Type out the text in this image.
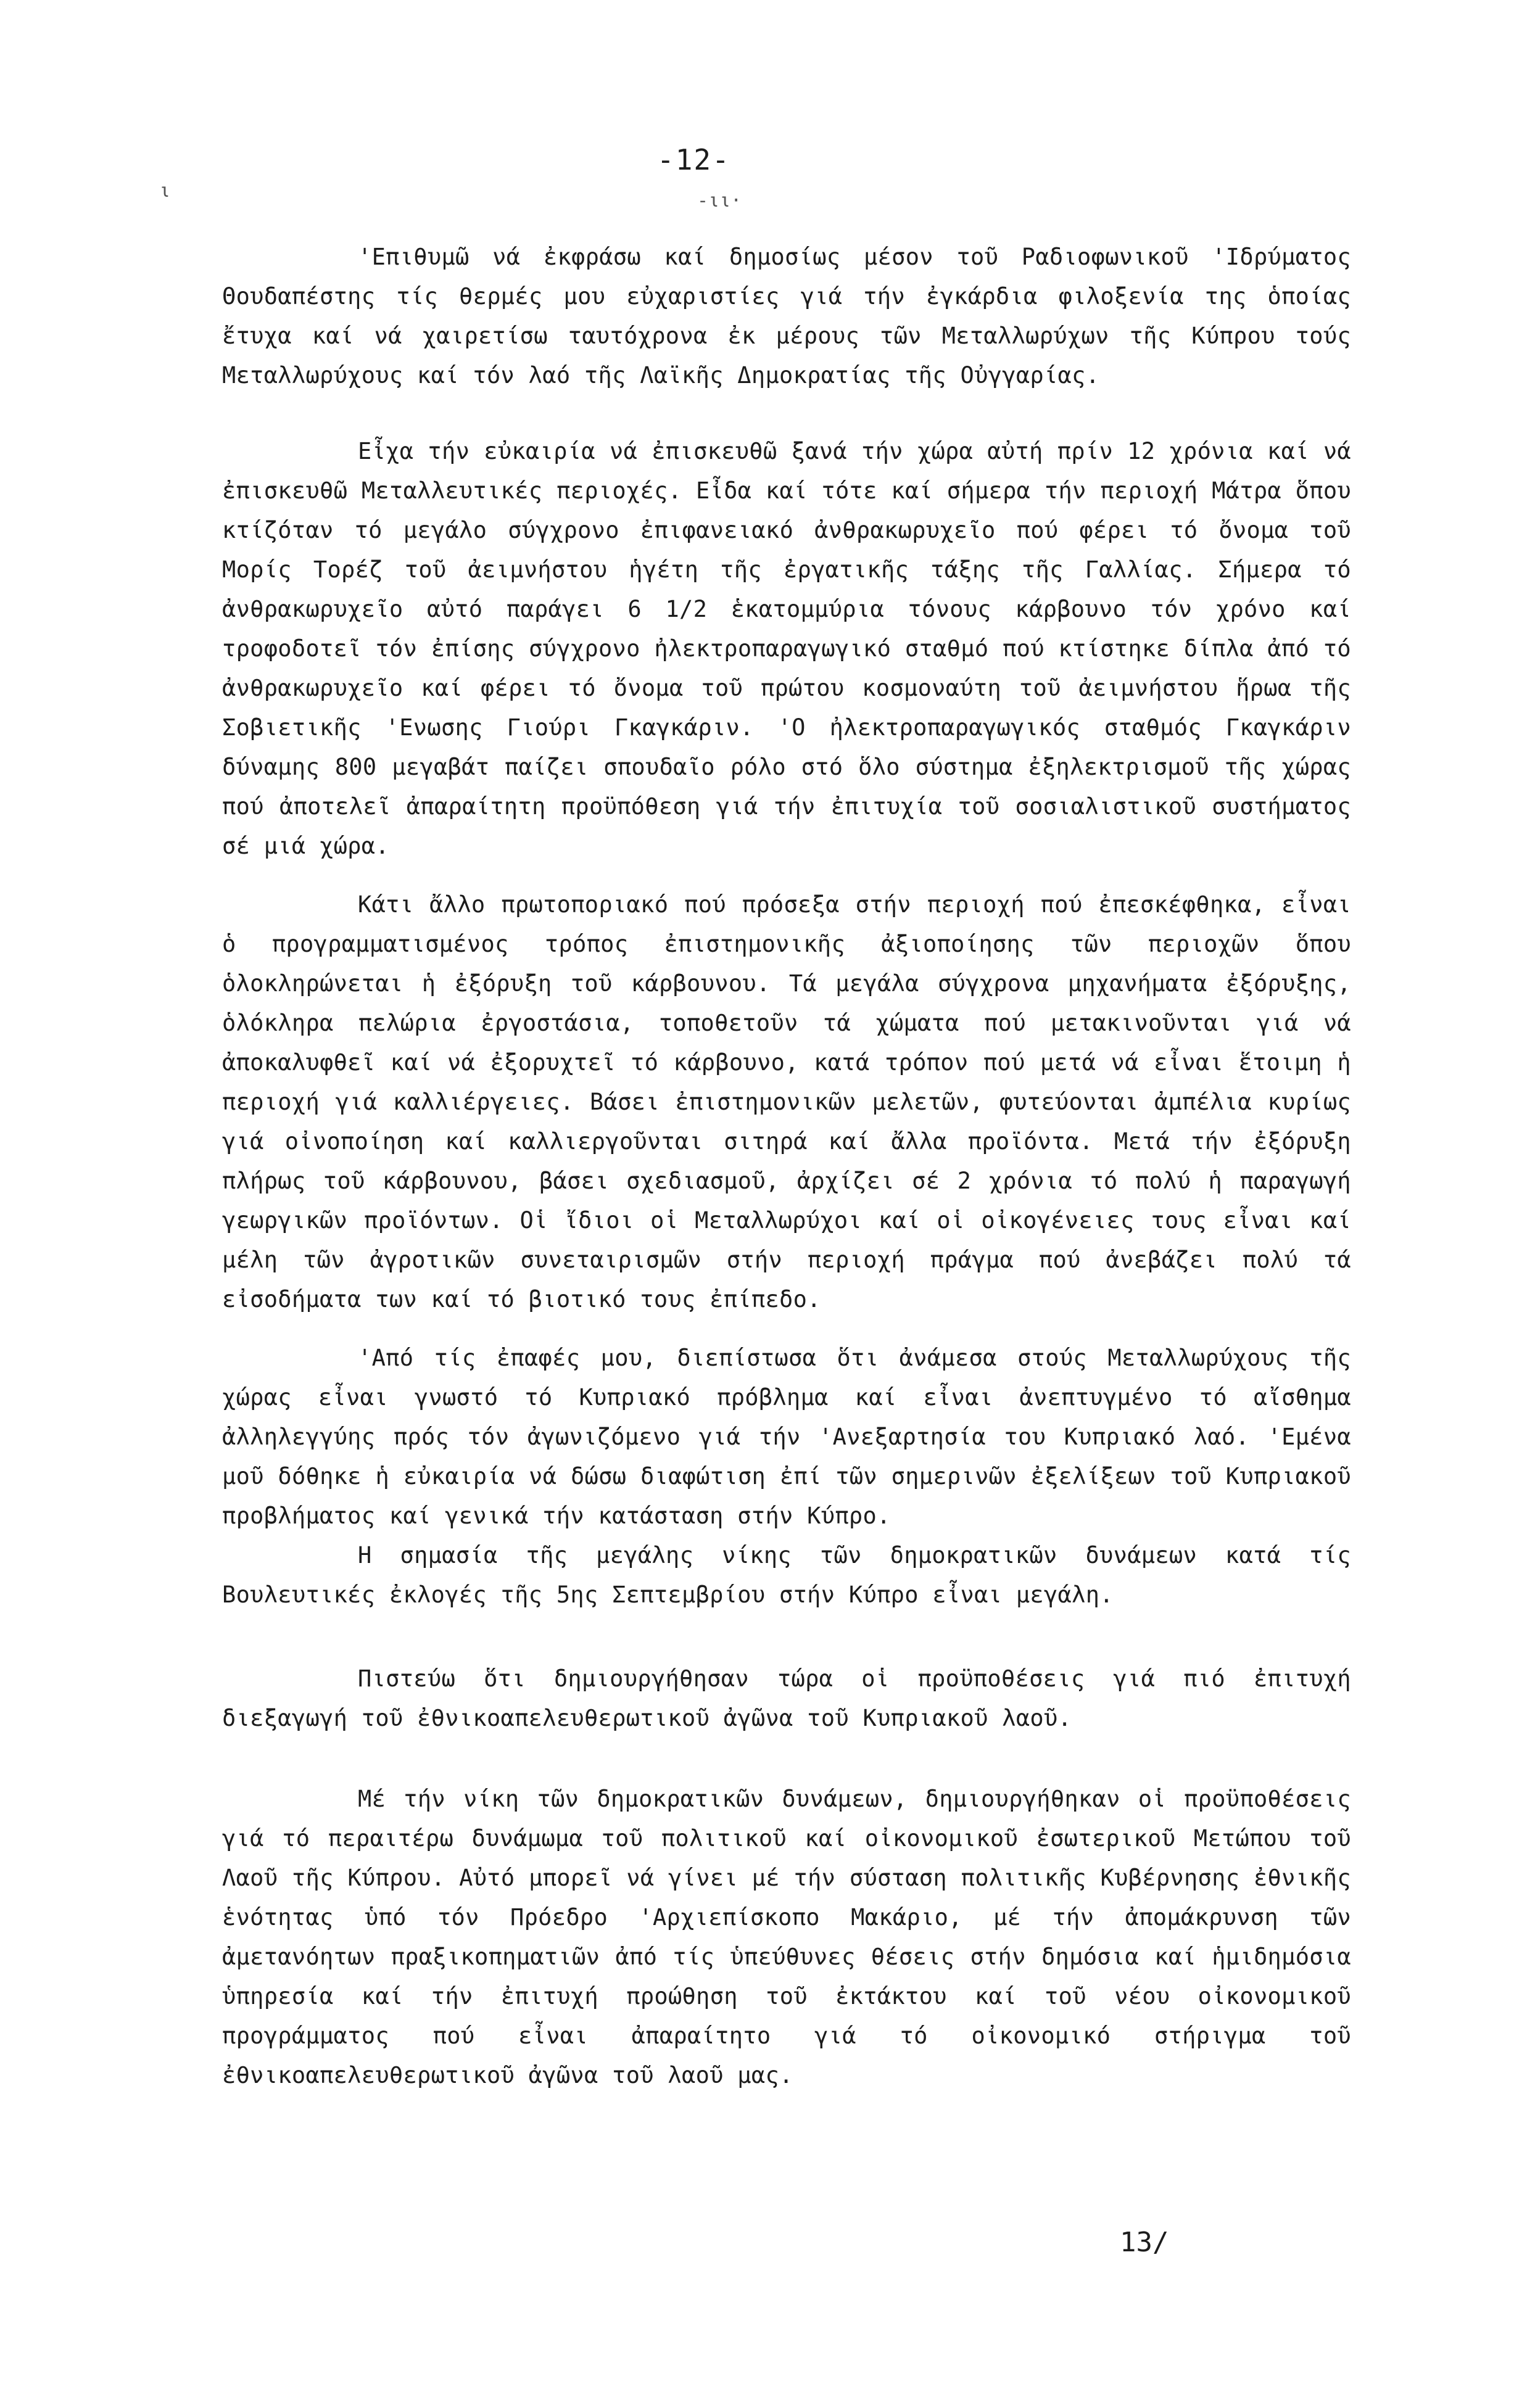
-12-
ι	-ιι·
'Επιθυμῶ νά ἐκφράσω καί δημοσίως μέσον τοῦ Ραδιοφωνικοῦ 'Ιδρύματος Θουδαπέστης τίς θερμές μου εὐχαριστίες γιά τήν ἐγκάρδια φιλοξενία της ὁποίας ἔτυχα καί νά χαιρετίσω ταυτόχρονα ἐκ μέρους τῶν Μεταλλωρύχων τῆς Κύπρου τούς Μεταλλωρύχους καί τόν λαό τῆς Λαϊκῆς Δημοκρατίας τῆς Οὐγγαρίας.
Εἶχα τήν εὐκαιρία νά ἐπισκευθῶ ξανά τήν χώρα αὐτή πρίν 12 χρόνια καί νά ἐπισκευθῶ Μεταλλευτικές περιοχές. Εἶδα καί τότε καί σήμερα τήν περιοχή Μάτρα ὅπου κτίζόταν τό μεγάλο σύγχρονο ἐπιφανειακό ἀνθρακωρυχεῖο πού φέρει τό ὄνομα τοῦ Μορίς Τορέζ τοῦ ἀειμνήστου ἡγέτη τῆς ἐργατικῆς τάξης τῆς Γαλλίας. Σήμερα τό ἀνθρακωρυχεῖο αὐτό παράγει 6 1/2 ἑκατομμύρια τόνους κάρβουνο τόν χρόνο καί τροφοδοτεῖ τόν ἐπίσης σύγχρονο ἠλεκτροπαραγωγικό σταθμό πού κτίστηκε δίπλα ἀπό τό ἀνθρακωρυχεῖο καί φέρει τό ὄνομα τοῦ πρώτου κοσμοναύτη τοῦ ἀειμνήστου ἥρωα τῆς Σοβιετικῆς 'Ενωσης Γιούρι Γκαγκάριν. 'Ο ἠλεκτροπαραγωγικός σταθμός Γκαγκάριν δύναμης 800 μεγαβάτ παίζει σπουδαῖο ρόλο στό ὅλο σύστημα ἐξηλεκτρισμοῦ τῆς χώρας πού ἀποτελεῖ ἀπαραίτητη προϋπόθεση γιά τήν ἐπιτυχία τοῦ σοσιαλιστικοῦ συστήματος σέ μιά χώρα.
Κάτι ἄλλο πρωτοποριακό πού πρόσεξα στήν περιοχή πού ἐπεσκέφθηκα, εἶναι ὁ προγραμματισμένος τρόπος ἐπιστημονικῆς ἀξιοποίησης τῶν περιοχῶν ὅπου ὁλοκληρώνεται ἡ ἐξόρυξη τοῦ κάρβουνου. Τά μεγάλα σύγχρονα μηχανήματα ἐξόρυξης, ὁλόκληρα πελώρια ἐργοστάσια, τοποθετοῦν τά χώματα πού μετακινοῦνται γιά νά ἀποκαλυφθεῖ καί νά ἐξορυχτεῖ τό κάρβουνο, κατά τρόπον πού μετά νά εἶναι ἕτοιμη ἡ περιοχή γιά καλλιέργειες. Βάσει ἐπιστημονικῶν μελετῶν, φυτεύονται ἀμπέλια κυρίως γιά οἰνοποίηση καί καλλιεργοῦνται σιτηρά καί ἄλλα προϊόντα. Μετά τήν ἐξόρυξη πλήρως τοῦ κάρβουνου, βάσει σχεδιασμοῦ, ἀρχίζει σέ 2 χρόνια τό πολύ ἡ παραγωγή γεωργικῶν προϊόντων. Οἱ ἴδιοι οἱ Μεταλλωρύχοι καί οἱ οἰκογένειες τους εἶναι καί μέλη τῶν ἀγροτικῶν συνεταιρισμῶν στήν περιοχή πράγμα πού ἀνεβάζει πολύ τά εἰσοδήματα των καί τό βιοτικό τους ἐπίπεδο.
'Από τίς ἐπαφές μου, διεπίστωσα ὅτι ἀνάμεσα στούς Μεταλλωρύχους τῆς χώρας εἶναι γνωστό τό Κυπριακό πρόβλημα καί εἶναι ἀνεπτυγμένο τό αἴσθημα ἀλληλεγγύης πρός τόν ἀγωνιζόμενο γιά τήν 'Ανεξαρτησία του Κυπριακό λαό. 'Εμένα μοῦ δόθηκε ἡ εὐκαιρία νά δώσω διαφώτιση ἐπί τῶν σημερινῶν ἐξελίξεων τοῦ Κυπριακοῦ προβλήματος καί γενικά τήν κατάσταση στήν Κύπρο.
Η σημασία τῆς μεγάλης νίκης τῶν δημοκρατικῶν δυνάμεων κατά τίς Βουλευτικές ἐκλογές τῆς 5ης Σεπτεμβρίου στήν Κύπρο εἶναι μεγάλη.
Πιστεύω ὅτι δημιουργήθησαν τώρα οἱ προϋποθέσεις γιά πιό ἐπιτυχή διεξαγωγή τοῦ ἐθνικοαπελευθερωτικοῦ ἀγῶνα τοῦ Κυπριακοῦ λαοῦ.
Μέ τήν νίκη τῶν δημοκρατικῶν δυνάμεων, δημιουργήθηκαν οἱ προϋποθέσεις γιά τό περαιτέρω δυνάμωμα τοῦ πολιτικοῦ καί οἰκονομικοῦ ἐσωτερικοῦ Μετώπου τοῦ Λαοῦ τῆς Κύπρου. Αὐτό μπορεῖ νά γίνει μέ τήν σύσταση πολιτικῆς Κυβέρνησης ἐθνικῆς ἑνότητας ὑπό τόν Πρόεδρο 'Αρχιεπίσκοπο Μακάριο, μέ τήν ἀπομάκρυνση τῶν ἀμετανόητων πραξικοπηματιῶν ἀπό τίς ὑπεύθυνες θέσεις στήν δημόσια καί ἡμιδημόσια ὑπηρεσία καί τήν ἐπιτυχή προώθηση τοῦ ἐκτάκτου καί τοῦ νέου οἰκονομικοῦ προγράμματος πού εἶναι ἀπαραίτητο γιά τό οἰκονομικό στήριγμα τοῦ ἐθνικοαπελευθερωτικοῦ ἀγῶνα τοῦ λαοῦ μας.
13/
